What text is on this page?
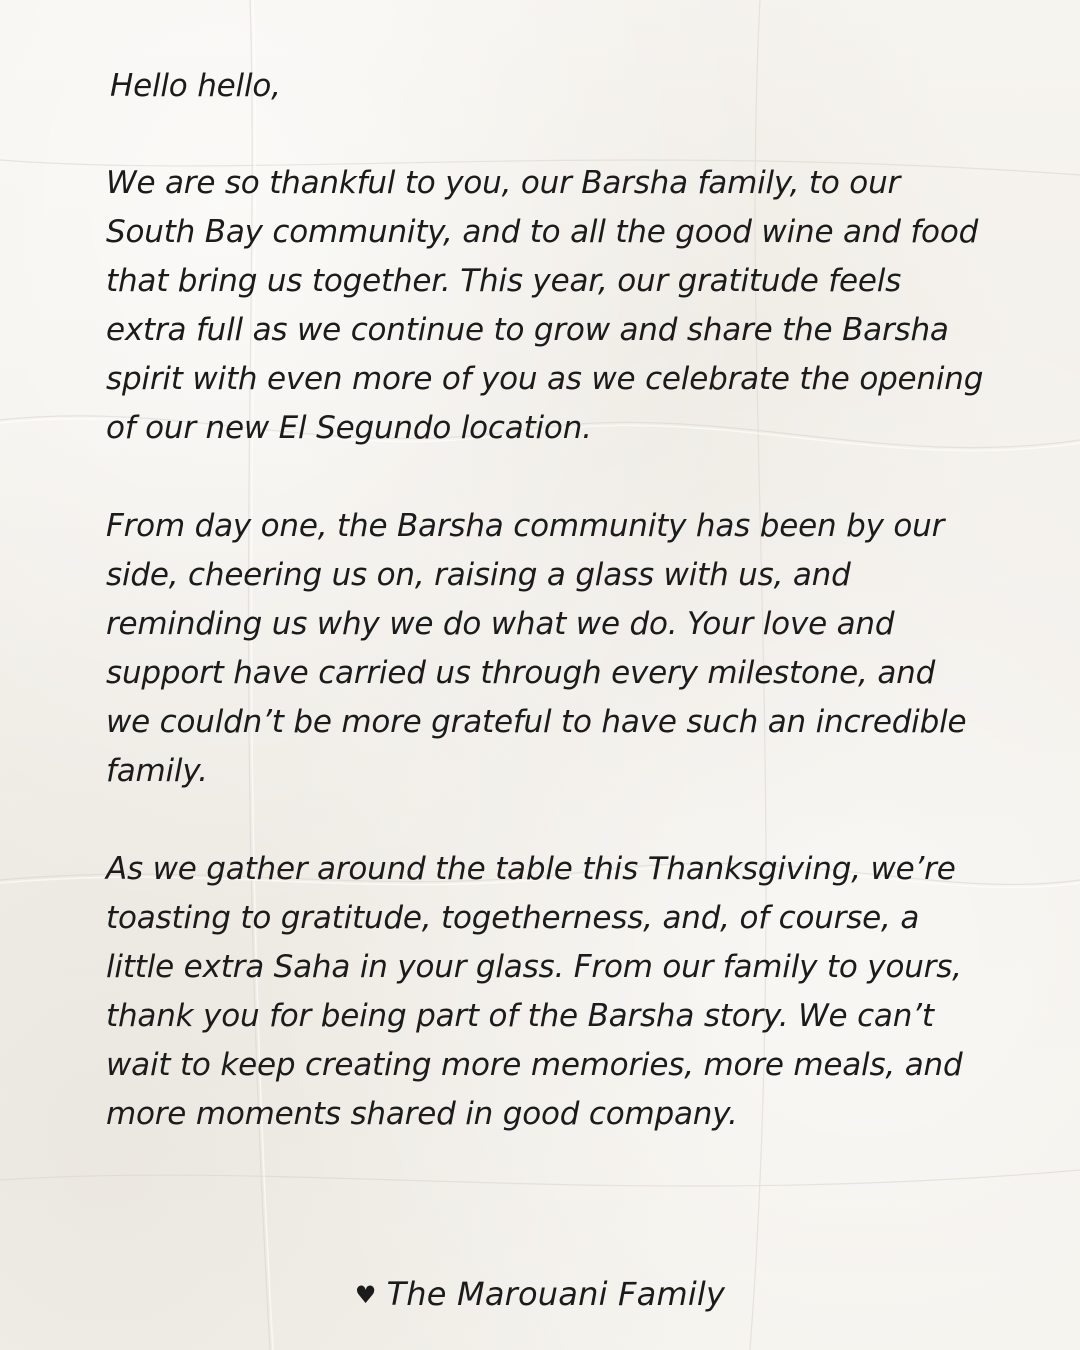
Hello hello,
We are so thankful to you, our Barsha family, to our South Bay community, and to all the good wine and food that bring us together. This year, our gratitude feels extra full as we continue to grow and share the Barsha spirit with even more of you as we celebrate the opening of our new El Segundo location.
From day one, the Barsha community has been by our side, cheering us on, raising a glass with us, and reminding us why we do what we do. Your love and support have carried us through every milestone, and we couldn’t be more grateful to have such an incredible family.
As we gather around the table this Thanksgiving, we’re toasting to gratitude, togetherness, and, of course, a little extra Saha in your glass. From our family to yours, thank you for being part of the Barsha story. We can’t wait to keep creating more memories, more meals, and more moments shared in good company.
♥ The Marouani Family
